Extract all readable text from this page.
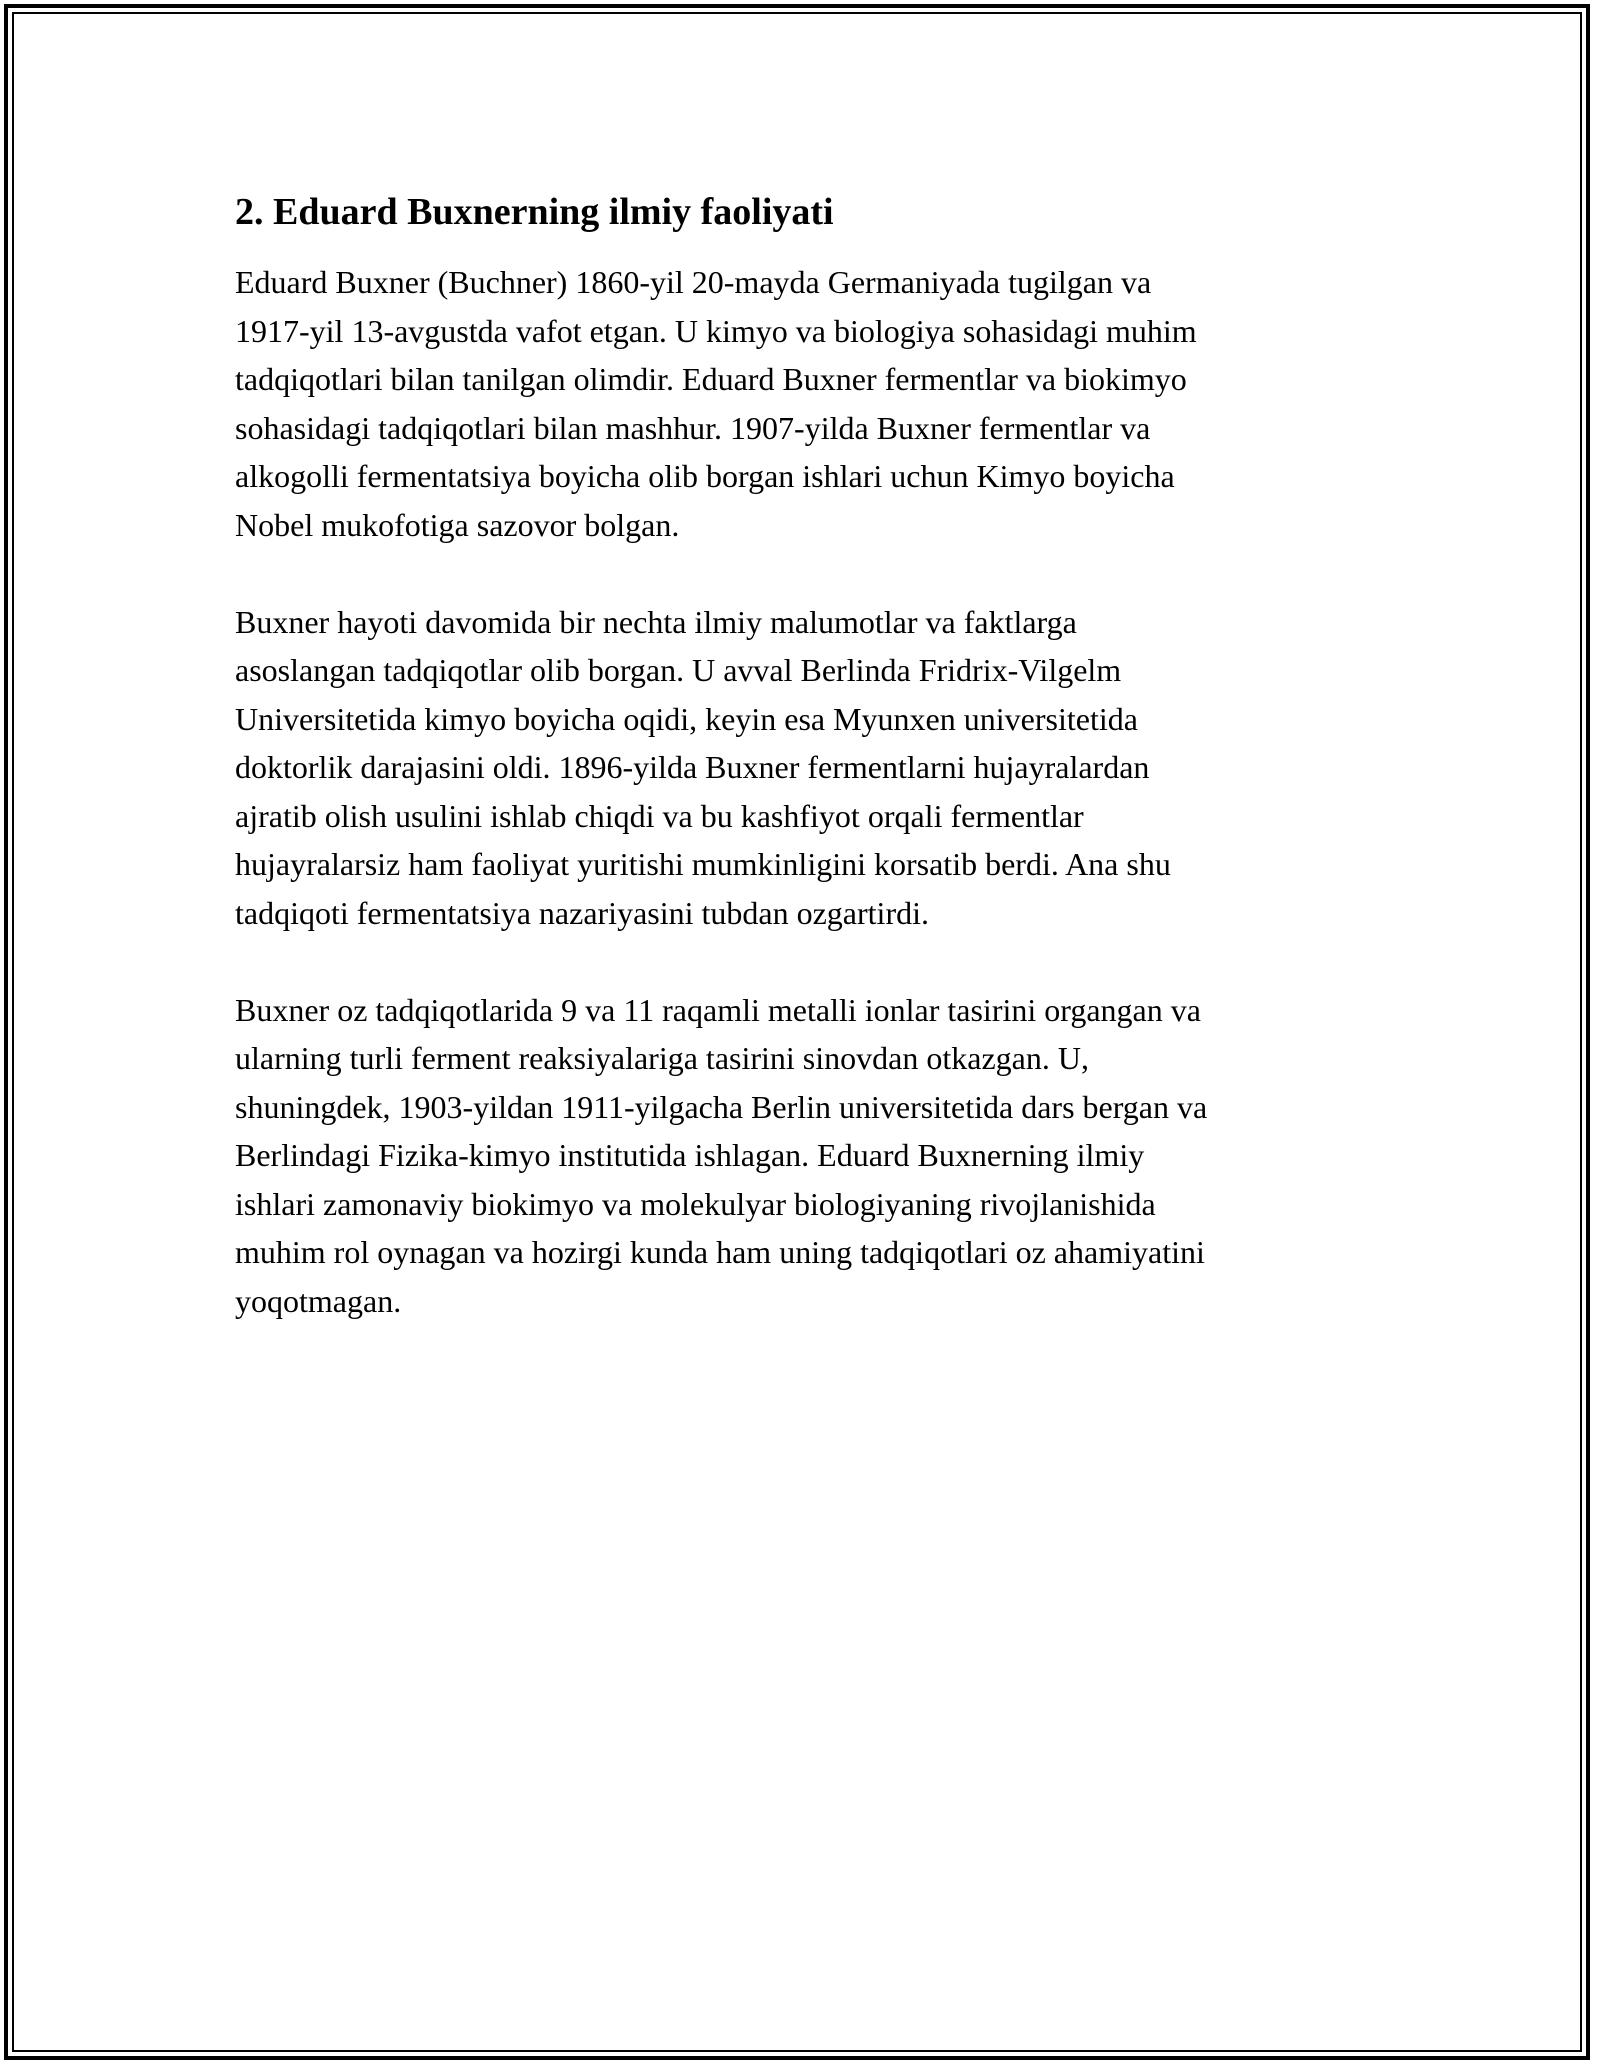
2. Eduard Buxnerning ilmiy faoliyati

Eduard Buxner (Buchner) 1860-yil 20-mayda Germaniyada tugilgan va
1917-yil 13-avgustda vafot etgan. U kimyo va biologiya sohasidagi muhim
tadqiqotlari bilan tanilgan olimdir. Eduard Buxner fermentlar va biokimyo
sohasidagi tadqiqotlari bilan mashhur. 1907-yilda Buxner fermentlar va
alkogolli fermentatsiya boyicha olib borgan ishlari uchun Kimyo boyicha
Nobel mukofotiga sazovor bolgan.

Buxner hayoti davomida bir nechta ilmiy malumotlar va faktlarga
asoslangan tadqiqotlar olib borgan. U avval Berlinda Fridrix-Vilgelm
Universitetida kimyo boyicha oqidi, keyin esa Myunxen universitetida
doktorlik darajasini oldi. 1896-yilda Buxner fermentlarni hujayralardan
ajratib olish usulini ishlab chiqdi va bu kashfiyot orqali fermentlar
hujayralarsiz ham faoliyat yuritishi mumkinligini korsatib berdi. Ana shu
tadqiqoti fermentatsiya nazariyasini tubdan ozgartirdi.

Buxner oz tadqiqotlarida 9 va 11 raqamli metalli ionlar tasirini organgan va
ularning turli ferment reaksiyalariga tasirini sinovdan otkazgan. U,
shuningdek, 1903-yildan 1911-yilgacha Berlin universitetida dars bergan va
Berlindagi Fizika-kimyo institutida ishlagan. Eduard Buxnerning ilmiy
ishlari zamonaviy biokimyo va molekulyar biologiyaning rivojlanishida
muhim rol oynagan va hozirgi kunda ham uning tadqiqotlari oz ahamiyatini
yoqotmagan.
